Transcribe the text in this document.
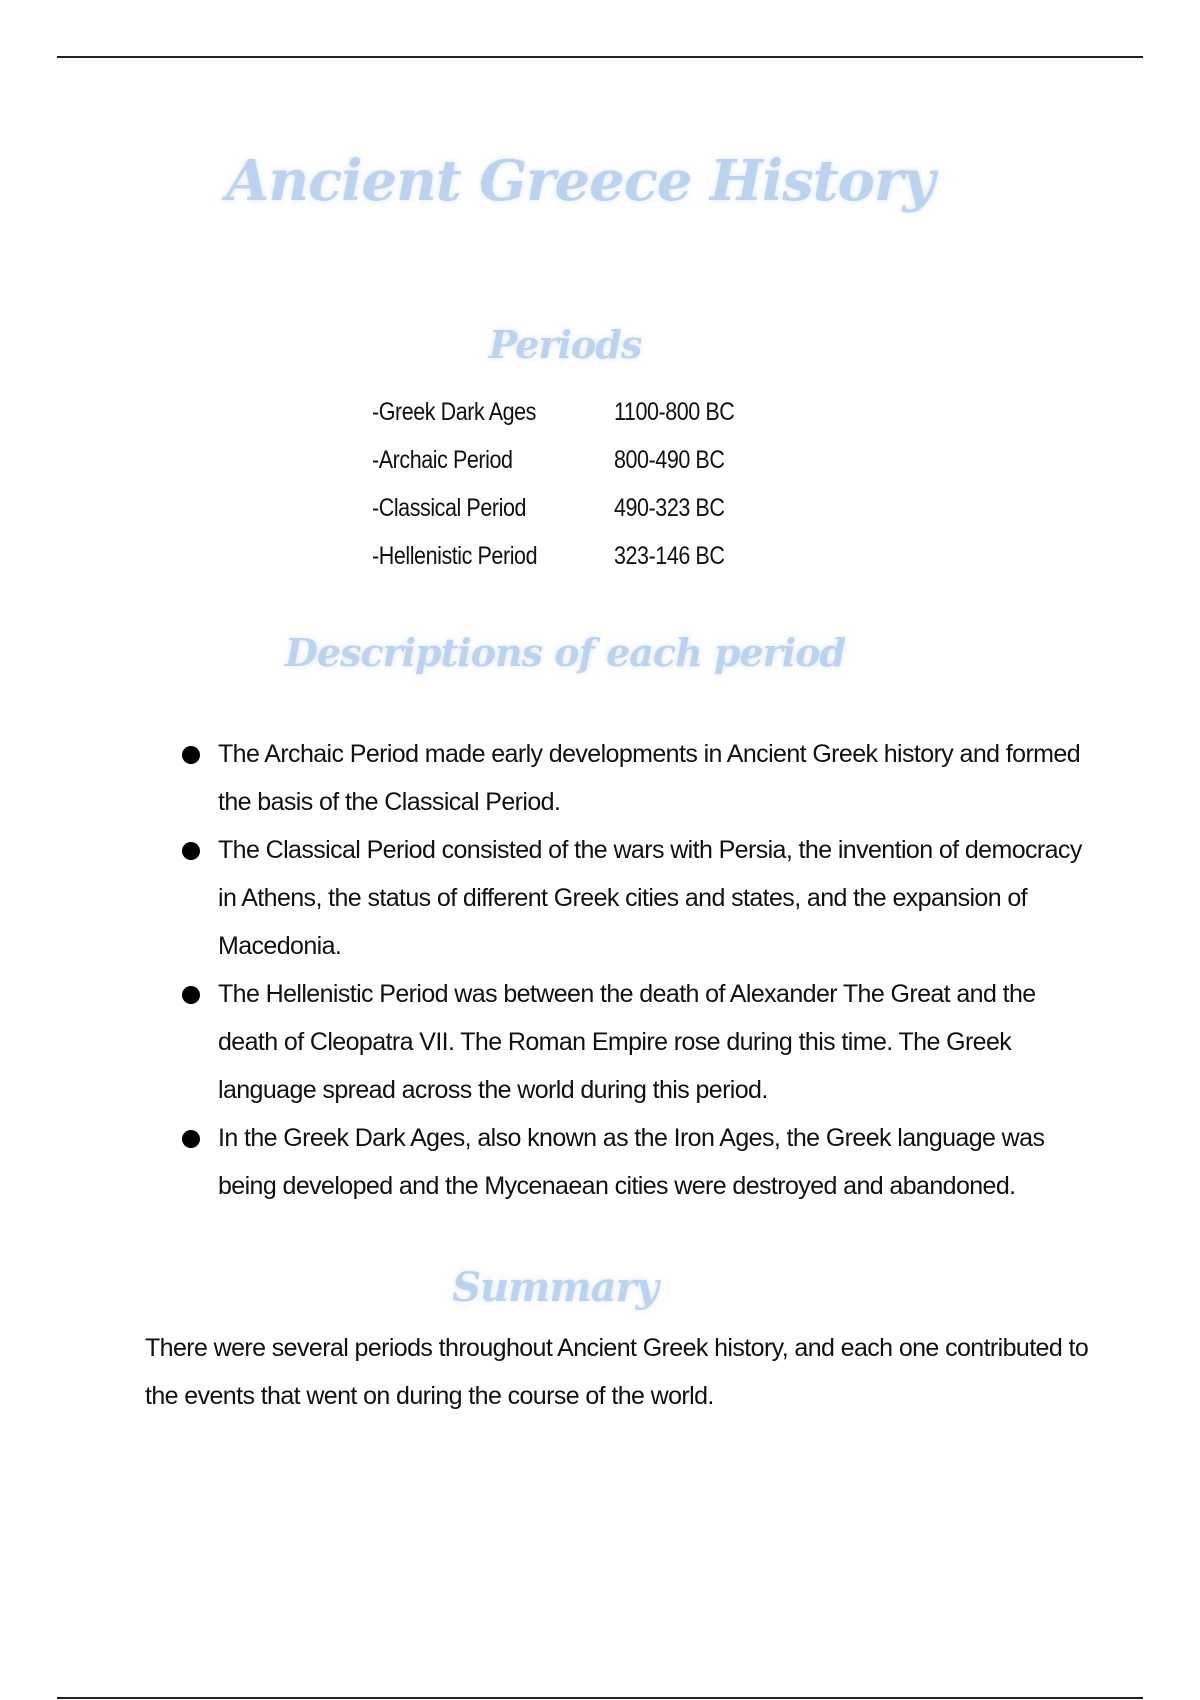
Ancient Greece History
Periods
-Greek Dark Ages	1100-800 BC
-Archaic Period	800-490 BC
-Classical Period	490-323 BC
-Hellenistic Period	323-146 BC
Descriptions of each period
The Archaic Period made early developments in Ancient Greek history and formed the basis of the Classical Period.
The Classical Period consisted of the wars with Persia, the invention of democracy in Athens, the status of different Greek cities and states, and the expansion of Macedonia.
The Hellenistic Period was between the death of Alexander The Great and the death of Cleopatra VII. The Roman Empire rose during this time. The Greek language spread across the world during this period.
In the Greek Dark Ages, also known as the Iron Ages, the Greek language was being developed and the Mycenaean cities were destroyed and abandoned.
Summary
There were several periods throughout Ancient Greek history, and each one contributed to the events that went on during the course of the world.
